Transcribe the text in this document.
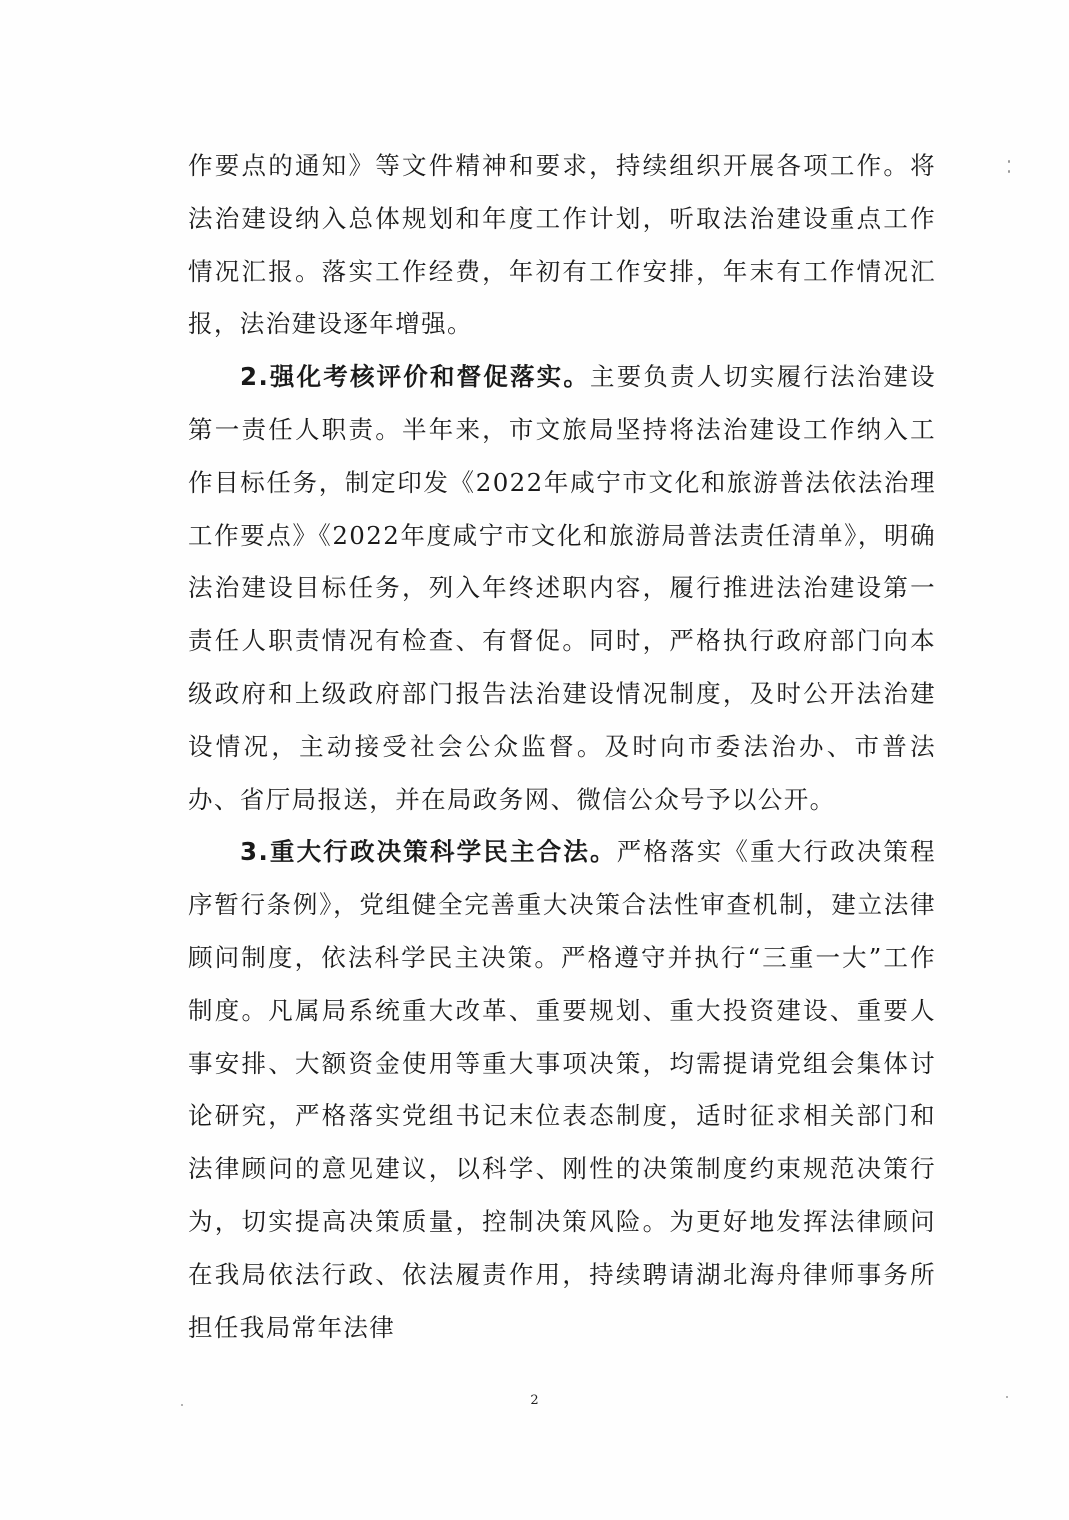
作要点的通知》等文件精神和要求，持续组织开展各项工作。将法治建设纳入总体规划和年度工作计划，听取法治建设重点工作情况汇报。落实工作经费，年初有工作安排，年末有工作情况汇报，法治建设逐年增强。

2.强化考核评价和督促落实。主要负责人切实履行法治建设第一责任人职责。半年来，市文旅局坚持将法治建设工作纳入工作目标任务，制定印发《2022年咸宁市文化和旅游普法依法治理工作要点》《2022年度咸宁市文化和旅游局普法责任清单》，明确法治建设目标任务，列入年终述职内容，履行推进法治建设第一责任人职责情况有检查、有督促。同时，严格执行政府部门向本级政府和上级政府部门报告法治建设情况制度，及时公开法治建设情况，主动接受社会公众监督。及时向市委法治办、市普法办、省厅局报送，并在局政务网、微信公众号予以公开。

3.重大行政决策科学民主合法。严格落实《重大行政决策程序暂行条例》，党组健全完善重大决策合法性审查机制，建立法律顾问制度，依法科学民主决策。严格遵守并执行“三重一大”工作制度。凡属局系统重大改革、重要规划、重大投资建设、重要人事安排、大额资金使用等重大事项决策，均需提请党组会集体讨论研究，严格落实党组书记末位表态制度，适时征求相关部门和法律顾问的意见建议，以科学、刚性的决策制度约束规范决策行为，切实提高决策质量，控制决策风险。为更好地发挥法律顾问在我局依法行政、依法履责作用，持续聘请湖北海舟律师事务所担任我局常年法律

2
